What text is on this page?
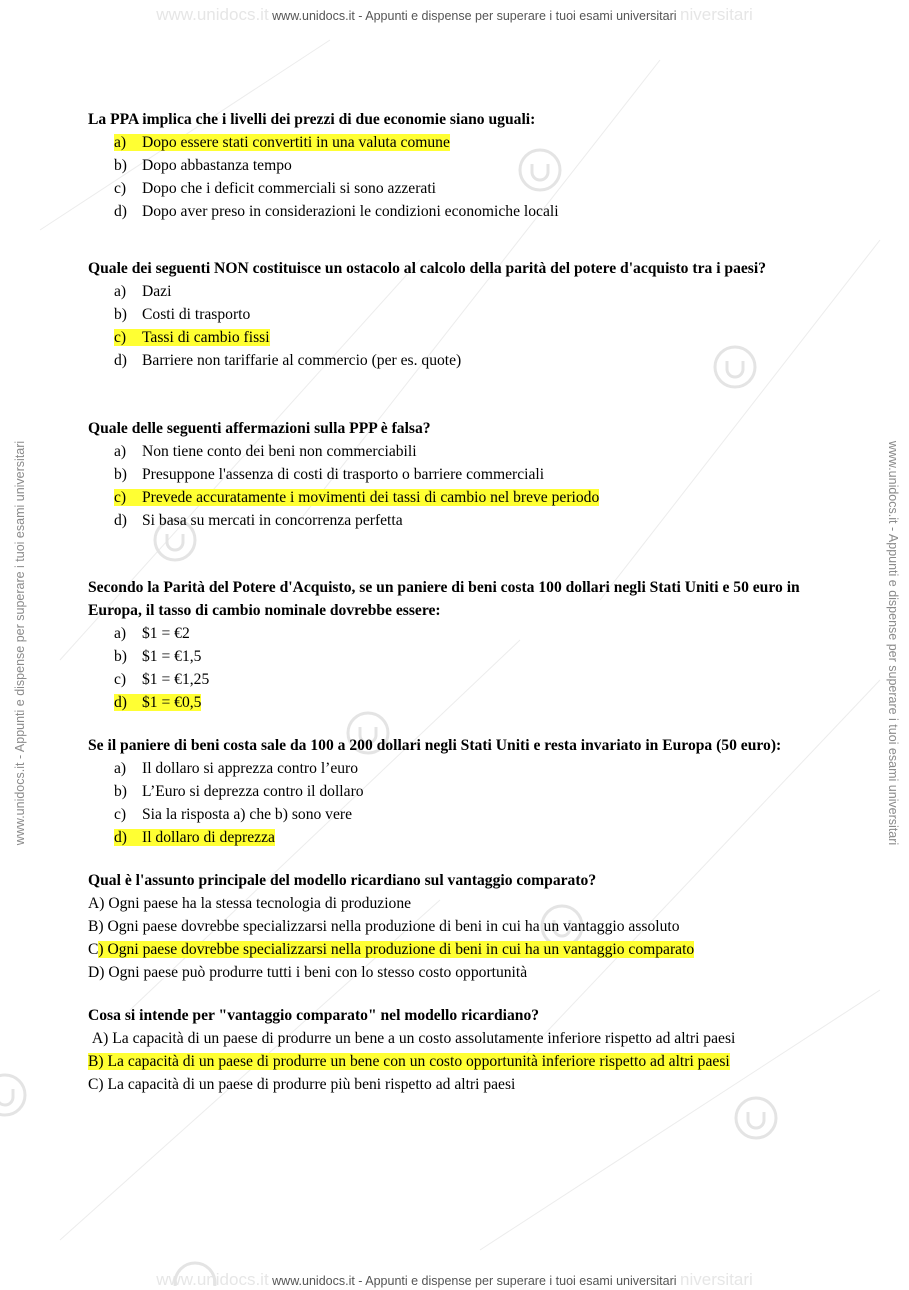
www.unidocs.it www.unidocs.it - Appunti e dispense per superare i tuoi esami universitari niversitari
www.unidocs.it www.unidocs.it - Appunti e dispense per superare i tuoi esami universitari niversitari
www.unidocs.it - Appunti e dispense per superare i tuoi esami universitari	www.unidocs.it - Appunti e dispense per superare i tuoi esami universitari

La PPA implica che i livelli dei prezzi di due economie siano uguali:

a) Dopo essere stati convertiti in una valuta comune
b) Dopo abbastanza tempo
c) Dopo che i deficit commerciali si sono azzerati
d) Dopo aver preso in considerazioni le condizioni economiche locali

Quale dei seguenti NON costituisce un ostacolo al calcolo della parità del potere d'acquisto tra i paesi?

a) Dazi
b) Costi di trasporto
c) Tassi di cambio fissi
d) Barriere non tariffarie al commercio (per es. quote)

Quale delle seguenti affermazioni sulla PPP è falsa?

a) Non tiene conto dei beni non commerciabili
b) Presuppone l'assenza di costi di trasporto o barriere commerciali
c) Prevede accuratamente i movimenti dei tassi di cambio nel breve periodo
d) Si basa su mercati in concorrenza perfetta

Secondo la Parità del Potere d'Acquisto, se un paniere di beni costa 100 dollari negli Stati Uniti e 50 euro in Europa, il tasso di cambio nominale dovrebbe essere:

a) $1 = €2
b) $1 = €1,5
c) $1 = €1,25
d) $1 = €0,5

Se il paniere di beni costa sale da 100 a 200 dollari negli Stati Uniti e resta invariato in Europa (50 euro):

a) Il dollaro si apprezza contro l’euro
b) L’Euro si deprezza contro il dollaro
c) Sia la risposta a) che b) sono vere
d) Il dollaro di deprezza

Qual è l'assunto principale del modello ricardiano sul vantaggio comparato?

A) Ogni paese ha la stessa tecnologia di produzione
B) Ogni paese dovrebbe specializzarsi nella produzione di beni in cui ha un vantaggio assoluto
C) Ogni paese dovrebbe specializzarsi nella produzione di beni in cui ha un vantaggio comparato
D) Ogni paese può produrre tutti i beni con lo stesso costo opportunità

Cosa si intende per "vantaggio comparato" nel modello ricardiano?

A) La capacità di un paese di produrre un bene a un costo assolutamente inferiore rispetto ad altri paesi
B) La capacità di un paese di produrre un bene con un costo opportunità inferiore rispetto ad altri paesi
C) La capacità di un paese di produrre più beni rispetto ad altri paesi
